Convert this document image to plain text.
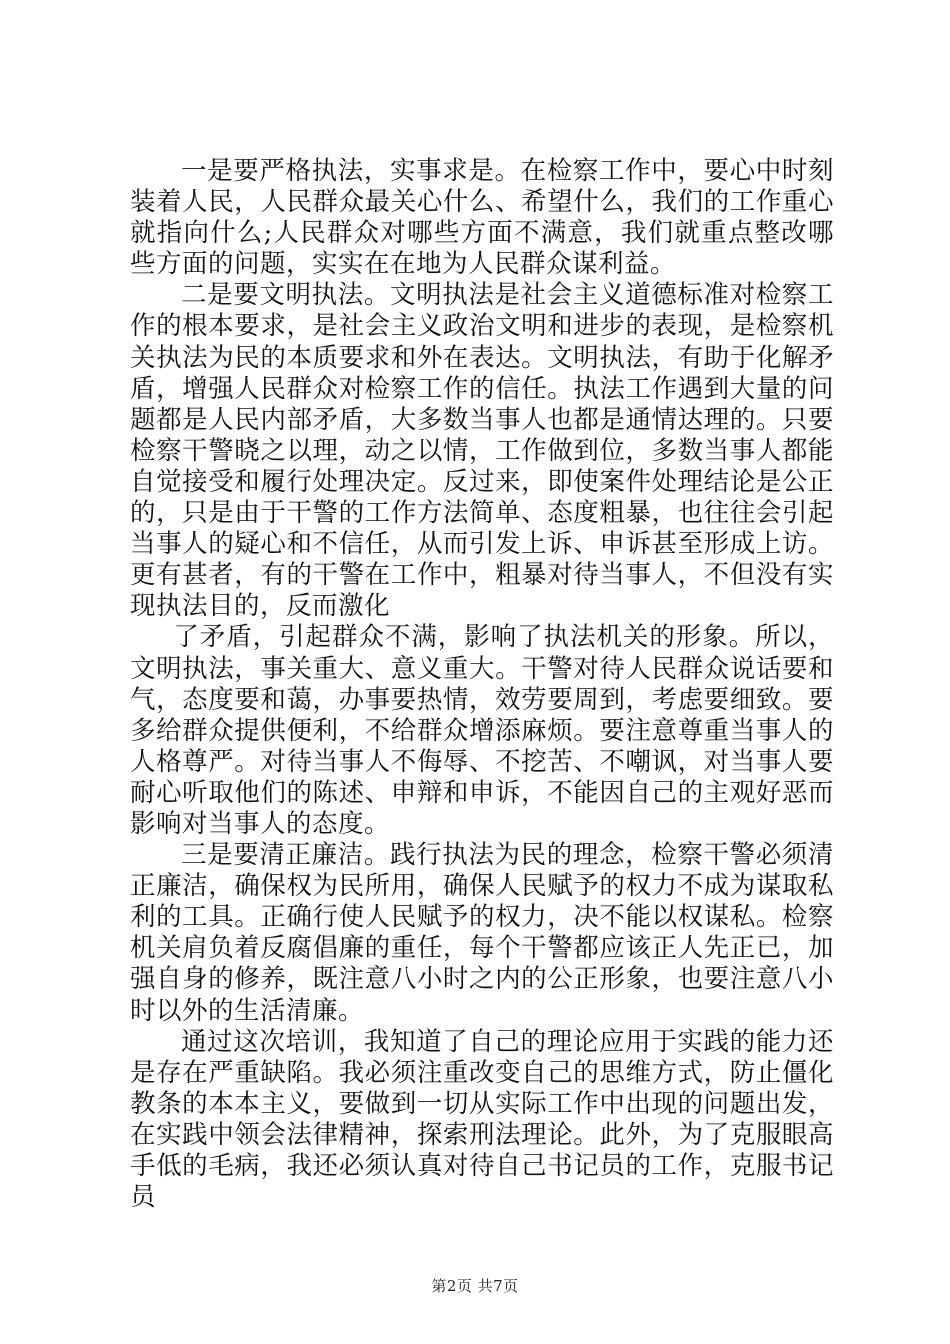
一是要严格执法，实事求是。在检察工作中，要心中时刻装着人民，人民群众最关心什么、希望什么，我们的工作重心就指向什么;人民群众对哪些方面不满意，我们就重点整改哪些方面的问题，实实在在地为人民群众谋利益。

二是要文明执法。文明执法是社会主义道德标准对检察工作的根本要求，是社会主义政治文明和进步的表现，是检察机关执法为民的本质要求和外在表达。文明执法，有助于化解矛盾，增强人民群众对检察工作的信任。执法工作遇到大量的问题都是人民内部矛盾，大多数当事人也都是通情达理的。只要检察干警晓之以理，动之以情，工作做到位，多数当事人都能自觉接受和履行处理决定。反过来，即使案件处理结论是公正的，只是由于干警的工作方法简单、态度粗暴，也往往会引起当事人的疑心和不信任，从而引发上诉、申诉甚至形成上访。更有甚者，有的干警在工作中，粗暴对待当事人，不但没有实现执法目的，反而激化

了矛盾，引起群众不满，影响了执法机关的形象。所以，文明执法，事关重大、意义重大。干警对待人民群众说话要和气，态度要和蔼，办事要热情，效劳要周到，考虑要细致。要多给群众提供便利，不给群众增添麻烦。要注意尊重当事人的人格尊严。对待当事人不侮辱、不挖苦、不嘲讽，对当事人要耐心听取他们的陈述、申辩和申诉，不能因自己的主观好恶而影响对当事人的态度。

三是要清正廉洁。践行执法为民的理念，检察干警必须清正廉洁，确保权为民所用，确保人民赋予的权力不成为谋取私利的工具。正确行使人民赋予的权力，决不能以权谋私。检察机关肩负着反腐倡廉的重任，每个干警都应该正人先正已，加强自身的修养，既注意八小时之内的公正形象，也要注意八小时以外的生活清廉。

通过这次培训，我知道了自己的理论应用于实践的能力还是存在严重缺陷。我必须注重改变自己的思维方式，防止僵化教条的本本主义，要做到一切从实际工作中出现的问题出发，在实践中领会法律精神，探索刑法理论。此外，为了克服眼高手低的毛病，我还必须认真对待自己书记员的工作，克服书记员

第2页 共7页
